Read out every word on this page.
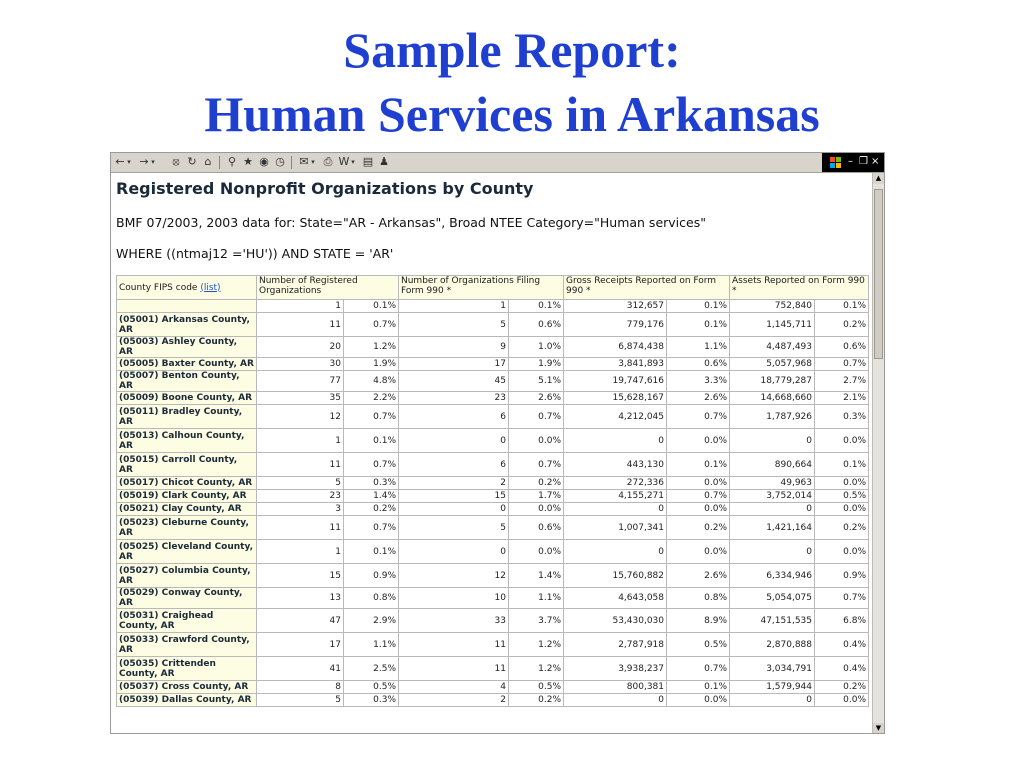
Sample Report:
Human Services in Arkansas
← ▾ → ▾	⦻ ↻ ⌂	⚲ ★ ◉ ◷ ✉ ▾ ⎙ W ▾ ▤ ♟	– ❐ ×
Registered Nonprofit Organizations by County
BMF 07/2003, 2003 data for: State="AR - Arkansas", Broad NTEE Category="Human services"
WHERE ((ntmaj12 ='HU')) AND STATE = 'AR'
County FIPS code (list)	Number of Registered Organizations		Number of Organizations Filing Form 990 *		Gross Receipts Reported on Form 990 *		Assets Reported on Form 990 *	
	1	0.1%	1	0.1%	312,657	0.1%	752,840	0.1%
(05001) Arkansas County, AR	11	0.7%	5	0.6%	779,176	0.1%	1,145,711	0.2%
(05003) Ashley County, AR	20	1.2%	9	1.0%	6,874,438	1.1%	4,487,493	0.6%
(05005) Baxter County, AR	30	1.9%	17	1.9%	3,841,893	0.6%	5,057,968	0.7%
(05007) Benton County, AR	77	4.8%	45	5.1%	19,747,616	3.3%	18,779,287	2.7%
(05009) Boone County, AR	35	2.2%	23	2.6%	15,628,167	2.6%	14,668,660	2.1%
(05011) Bradley County, AR	12	0.7%	6	0.7%	4,212,045	0.7%	1,787,926	0.3%
(05013) Calhoun County, AR	1	0.1%	0	0.0%	0	0.0%	0	0.0%
(05015) Carroll County, AR	11	0.7%	6	0.7%	443,130	0.1%	890,664	0.1%
(05017) Chicot County, AR	5	0.3%	2	0.2%	272,336	0.0%	49,963	0.0%
(05019) Clark County, AR	23	1.4%	15	1.7%	4,155,271	0.7%	3,752,014	0.5%
(05021) Clay County, AR	3	0.2%	0	0.0%	0	0.0%	0	0.0%
(05023) Cleburne County, AR	11	0.7%	5	0.6%	1,007,341	0.2%	1,421,164	0.2%
(05025) Cleveland County, AR	1	0.1%	0	0.0%	0	0.0%	0	0.0%
(05027) Columbia County, AR	15	0.9%	12	1.4%	15,760,882	2.6%	6,334,946	0.9%
(05029) Conway County, AR	13	0.8%	10	1.1%	4,643,058	0.8%	5,054,075	0.7%
(05031) Craighead County, AR	47	2.9%	33	3.7%	53,430,030	8.9%	47,151,535	6.8%
(05033) Crawford County, AR	17	1.1%	11	1.2%	2,787,918	0.5%	2,870,888	0.4%
(05035) Crittenden County, AR	41	2.5%	11	1.2%	3,938,237	0.7%	3,034,791	0.4%
(05037) Cross County, AR	8	0.5%	4	0.5%	800,381	0.1%	1,579,944	0.2%
(05039) Dallas County, AR	5	0.3%	2	0.2%	0	0.0%	0	0.0%
▲
▼
